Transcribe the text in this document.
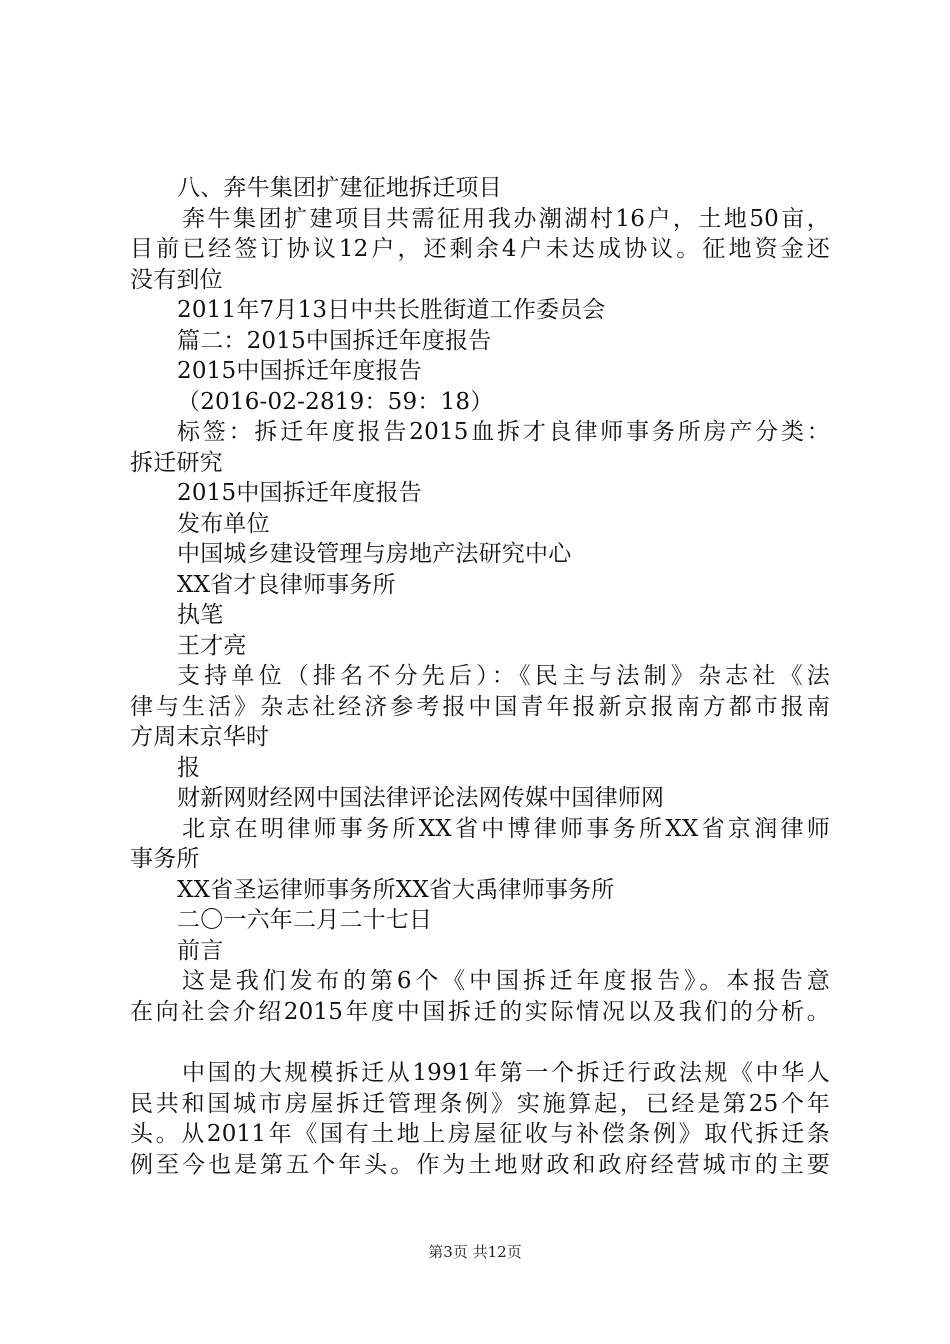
八、奔牛集团扩建征地拆迁项目
奔牛集团扩建项目共需征用我办潮湖村16户，土地50亩，
目前已经签订协议12户，还剩余4户未达成协议。征地资金还
没有到位
2011年7月13日中共长胜街道工作委员会
篇二：2015中国拆迁年度报告
2015中国拆迁年度报告
（2016-02-2819：59：18）
标签：拆迁年度报告2015血拆才良律师事务所房产分类：
拆迁研究
2015中国拆迁年度报告
发布单位
中国城乡建设管理与房地产法研究中心
XX省才良律师事务所
执笔
王才亮
支持单位（排名不分先后）：《民主与法制》杂志社《法
律与生活》杂志社经济参考报中国青年报新京报南方都市报南
方周末京华时
报
财新网财经网中国法律评论法网传媒中国律师网
北京在明律师事务所XX省中博律师事务所XX省京润律师
事务所
XX省圣运律师事务所XX省大禹律师事务所
二〇一六年二月二十七日
前言
这是我们发布的第6个《中国拆迁年度报告》。本报告意
在向社会介绍2015年度中国拆迁的实际情况以及我们的分析。
中国的大规模拆迁从1991年第一个拆迁行政法规《中华人
民共和国城市房屋拆迁管理条例》实施算起，已经是第25个年
头。从2011年《国有土地上房屋征收与补偿条例》取代拆迁条
例至今也是第五个年头。作为土地财政和政府经营城市的主要
第3页 共12页
